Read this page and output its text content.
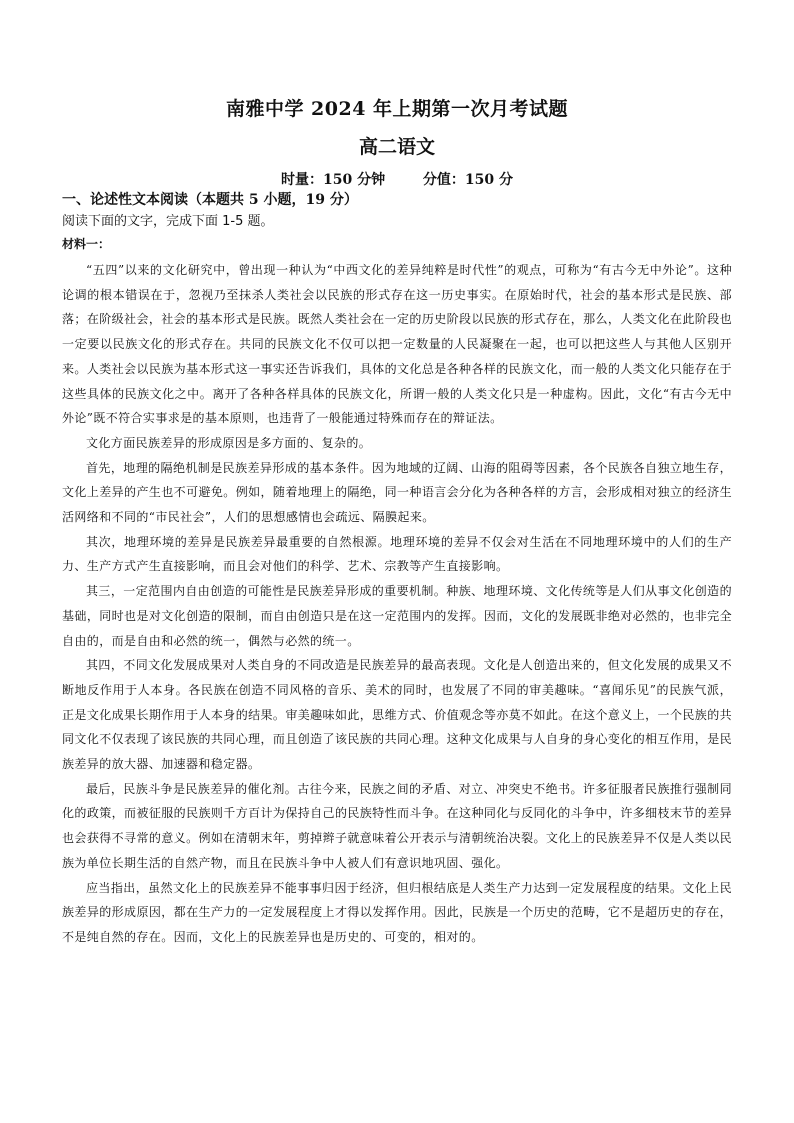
南雅中学 2024 年上期第一次月考试题
高二语文
时量：150 分钟	分值：150 分
一、论述性文本阅读（本题共 5 小题，19 分）
阅读下面的文字，完成下面 1-5 题。
材料一：

“五四”以来的文化研究中，曾出现一种认为“中西文化的差异纯粹是时代性”的观点，可称为“有古今无中外论”。这种论调的根本错误在于，忽视乃至抹杀人类社会以民族的形式存在这一历史事实。在原始时代，社会的基本形式是民族、部落；在阶级社会，社会的基本形式是民族。既然人类社会在一定的历史阶段以民族的形式存在，那么，人类文化在此阶段也一定要以民族文化的形式存在。共同的民族文化不仅可以把一定数量的人民凝聚在一起，也可以把这些人与其他人区别开来。人类社会以民族为基本形式这一事实还告诉我们，具体的文化总是各种各样的民族文化，而一般的人类文化只能存在于这些具体的民族文化之中。离开了各种各样具体的民族文化，所谓一般的人类文化只是一种虚构。因此，文化“有古今无中外论”既不符合实事求是的基本原则，也违背了一般能通过特殊而存在的辩证法。

文化方面民族差异的形成原因是多方面的、复杂的。

首先，地理的隔绝机制是民族差异形成的基本条件。因为地域的辽阔、山海的阻碍等因素，各个民族各自独立地生存，文化上差异的产生也不可避免。例如，随着地理上的隔绝，同一种语言会分化为各种各样的方言，会形成相对独立的经济生活网络和不同的“市民社会”，人们的思想感情也会疏远、隔膜起来。

其次，地理环境的差异是民族差异最重要的自然根源。地理环境的差异不仅会对生活在不同地理环境中的人们的生产力、生产方式产生直接影响，而且会对他们的科学、艺术、宗教等产生直接影响。

其三，一定范围内自由创造的可能性是民族差异形成的重要机制。种族、地理环境、文化传统等是人们从事文化创造的基础，同时也是对文化创造的限制，而自由创造只是在这一定范围内的发挥。因而，文化的发展既非绝对必然的，也非完全自由的，而是自由和必然的统一，偶然与必然的统一。

其四，不同文化发展成果对人类自身的不同改造是民族差异的最高表现。文化是人创造出来的，但文化发展的成果又不断地反作用于人本身。各民族在创造不同风格的音乐、美术的同时，也发展了不同的审美趣味。“喜闻乐见”的民族气派，正是文化成果长期作用于人本身的结果。审美趣味如此，思维方式、价值观念等亦莫不如此。在这个意义上，一个民族的共同文化不仅表现了该民族的共同心理，而且创造了该民族的共同心理。这种文化成果与人自身的身心变化的相互作用，是民族差异的放大器、加速器和稳定器。

最后，民族斗争是民族差异的催化剂。古往今来，民族之间的矛盾、对立、冲突史不绝书。许多征服者民族推行强制同化的政策，而被征服的民族则千方百计为保持自己的民族特性而斗争。在这种同化与反同化的斗争中，许多细枝末节的差异也会获得不寻常的意义。例如在清朝末年，剪掉辫子就意味着公开表示与清朝统治决裂。文化上的民族差异不仅是人类以民族为单位长期生活的自然产物，而且在民族斗争中人被人们有意识地巩固、强化。

应当指出，虽然文化上的民族差异不能事事归因于经济，但归根结底是人类生产力达到一定发展程度的结果。文化上民族差异的形成原因，都在生产力的一定发展程度上才得以发挥作用。因此，民族是一个历史的范畴，它不是超历史的存在，不是纯自然的存在。因而，文化上的民族差异也是历史的、可变的，相对的。
